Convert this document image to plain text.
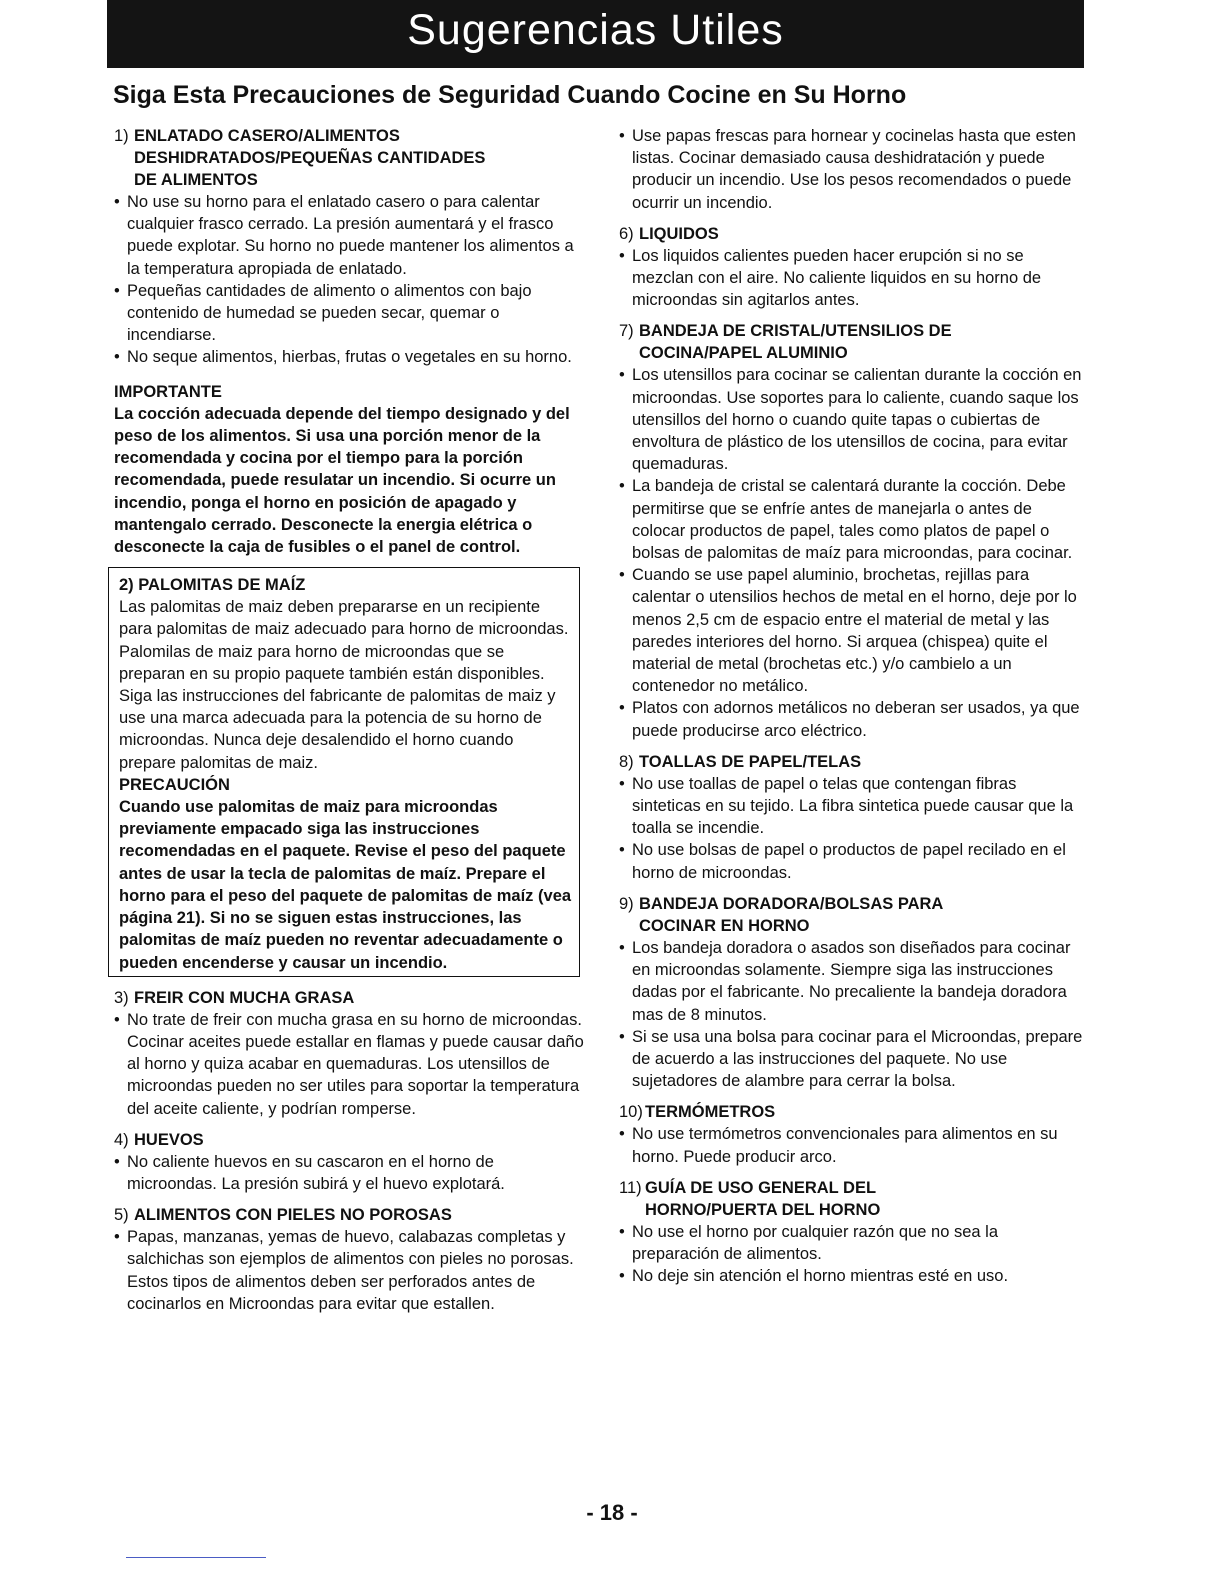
Sugerencias Utiles
Siga Esta Precauciones de Seguridad Cuando Cocine en Su Horno
1) ENLATADO CASERO/ALIMENTOS
DESHIDRATADOS/PEQUEÑAS CANTIDADES
DE ALIMENTOS
• No use su horno para el enlatado casero o para calentar cualquier frasco cerrado. La presión aumentará y el frasco puede explotar. Su horno no puede mantener los alimentos a la temperatura apropiada de enlatado.
• Pequeñas cantidades de alimento o alimentos con bajo contenido de humedad se pueden secar, quemar o incendiarse.
• No seque alimentos, hierbas, frutas o vegetales en su horno.
IMPORTANTE
La cocción adecuada depende del tiempo designado y del peso de los alimentos. Si usa una porción menor de la recomendada y cocina por el tiempo para la porción recomendada, puede resulatar un incendio. Si ocurre un incendio, ponga el horno en posición de apagado y mantengalo cerrado. Desconecte la energia elétrica o desconecte la caja de fusibles o el panel de control.
2) PALOMITAS DE MAÍZ

Las palomitas de maiz deben prepararse en un recipiente para palomitas de maiz adecuado para horno de microondas. Palomilas de maiz para horno de microondas que se preparan en su propio paquete también están disponibles. Siga las instrucciones del fabricante de palomitas de maiz y use una marca adecuada para la potencia de su horno de microondas. Nunca deje desalendido el horno cuando prepare palomitas de maiz.

PRECAUCIÓN
Cuando use palomitas de maiz para microondas previamente empacado siga las instrucciones recomendadas en el paquete. Revise el peso del paquete antes de usar la tecla de palomitas de maíz. Prepare el horno para el peso del paquete de palomitas de maíz (vea página 21). Si no se siguen estas instrucciones, las palomitas de maíz pueden no reventar adecuadamente o pueden encenderse y causar un incendio.
3) FREIR CON MUCHA GRASA
• No trate de freir con mucha grasa en su horno de microondas. Cocinar aceites puede estallar en flamas y puede causar daño al horno y quiza acabar en quemaduras. Los utensillos de microondas pueden no ser utiles para soportar la temperatura del aceite caliente, y podrían romperse.
4) HUEVOS
• No caliente huevos en su cascaron en el horno de microondas. La presión subirá y el huevo explotará.
5) ALIMENTOS CON PIELES NO POROSAS
• Papas, manzanas, yemas de huevo, calabazas completas y salchichas son ejemplos de alimentos con pieles no porosas. Estos tipos de alimentos deben ser perforados antes de cocinarlos en Microondas para evitar que estallen.
• Use papas frescas para hornear y cocinelas hasta que esten listas. Cocinar demasiado causa deshidratación y puede producir un incendio. Use los pesos recomendados o puede ocurrir un incendio.
6) LIQUIDOS
• Los liquidos calientes pueden hacer erupción si no se mezclan con el aire. No caliente liquidos en su horno de microondas sin agitarlos antes.
7) BANDEJA DE CRISTAL/UTENSILIOS DE
COCINA/PAPEL ALUMINIO
• Los utensillos para cocinar se calientan durante la cocción en microondas. Use soportes para lo caliente, cuando saque los utensillos del horno o cuando quite tapas o cubiertas de envoltura de plástico de los utensillos de cocina, para evitar quemaduras.
• La bandeja de cristal se calentará durante la cocción. Debe permitirse que se enfríe antes de manejarla o antes de colocar productos de papel, tales como platos de papel o bolsas de palomitas de maíz para microondas, para cocinar.
• Cuando se use papel aluminio, brochetas, rejillas para calentar o utensilios hechos de metal en el horno, deje por lo menos 2,5 cm de espacio entre el material de metal y las paredes interiores del horno. Si arquea (chispea) quite el material de metal (brochetas etc.) y/o cambielo a un contenedor no metálico.
• Platos con adornos metálicos no deberan ser usados, ya que puede producirse arco eléctrico.
8) TOALLAS DE PAPEL/TELAS
• No use toallas de papel o telas que contengan fibras sinteticas en su tejido. La fibra sintetica puede causar que la toalla se incendie.
• No use bolsas de papel o productos de papel recilado en el horno de microondas.
9) BANDEJA DORADORA/BOLSAS PARA
COCINAR EN HORNO
• Los bandeja doradora o asados son diseñados para cocinar en microondas solamente. Siempre siga las instrucciones dadas por el fabricante. No precaliente la bandeja doradora mas de 8 minutos.
• Si se usa una bolsa para cocinar para el Microondas, prepare de acuerdo a las instrucciones del paquete. No use sujetadores de alambre para cerrar la bolsa.
10) TERMÓMETROS
• No use termómetros convencionales para alimentos en su horno. Puede producir arco.
11) GUÍA DE USO GENERAL DEL
HORNO/PUERTA DEL HORNO
• No use el horno por cualquier razón que no sea la preparación de alimentos.
• No deje sin atención el horno mientras esté en uso.
- 18 -
